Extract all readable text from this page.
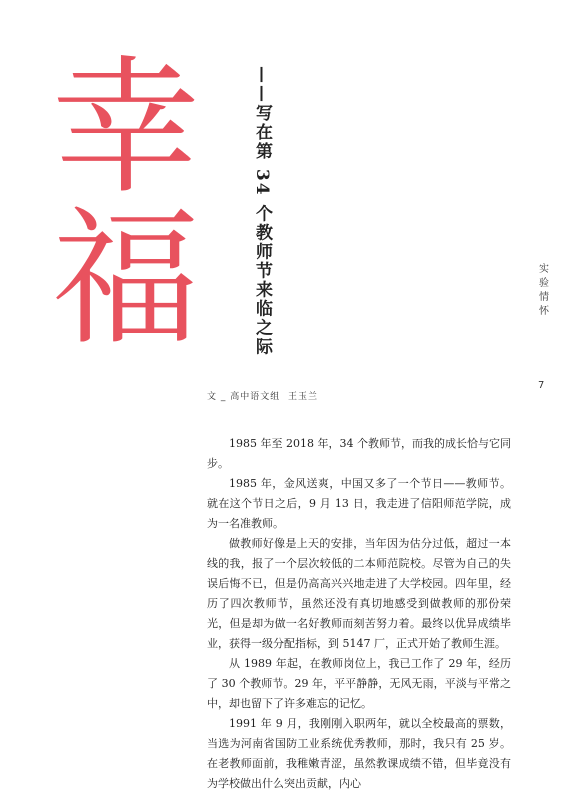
幸
福	——写在第 34 个教师节来临之际	实
验
情
怀
7
文 _ 高中语文组  王玉兰

1985 年至 2018 年，34 个教师节，而我的成长恰与它同步。

1985 年，金风送爽，中国又多了一个节日——教师节。就在这个节日之后，9 月 13 日，我走进了信阳师范学院，成为一名准教师。

做教师好像是上天的安排，当年因为估分过低，超过一本线的我，报了一个层次较低的二本师范院校。尽管为自己的失误后悔不已，但是仍高高兴兴地走进了大学校园。四年里，经历了四次教师节，虽然还没有真切地感受到做教师的那份荣光，但是却为做一名好教师而刻苦努力着。最终以优异成绩毕业，获得一级分配指标，到 5147 厂，正式开始了教师生涯。

从 1989 年起，在教师岗位上，我已工作了 29 年，经历了 30 个教师节。29 年，平平静静，无风无雨，平淡与平常之中，却也留下了许多难忘的记忆。

1991 年 9 月，我刚刚入职两年，就以全校最高的票数，当选为河南省国防工业系统优秀教师，那时，我只有 25 岁。在老教师面前，我稚嫩青涩，虽然教课成绩不错，但毕竟没有为学校做出什么突出贡献，内心
